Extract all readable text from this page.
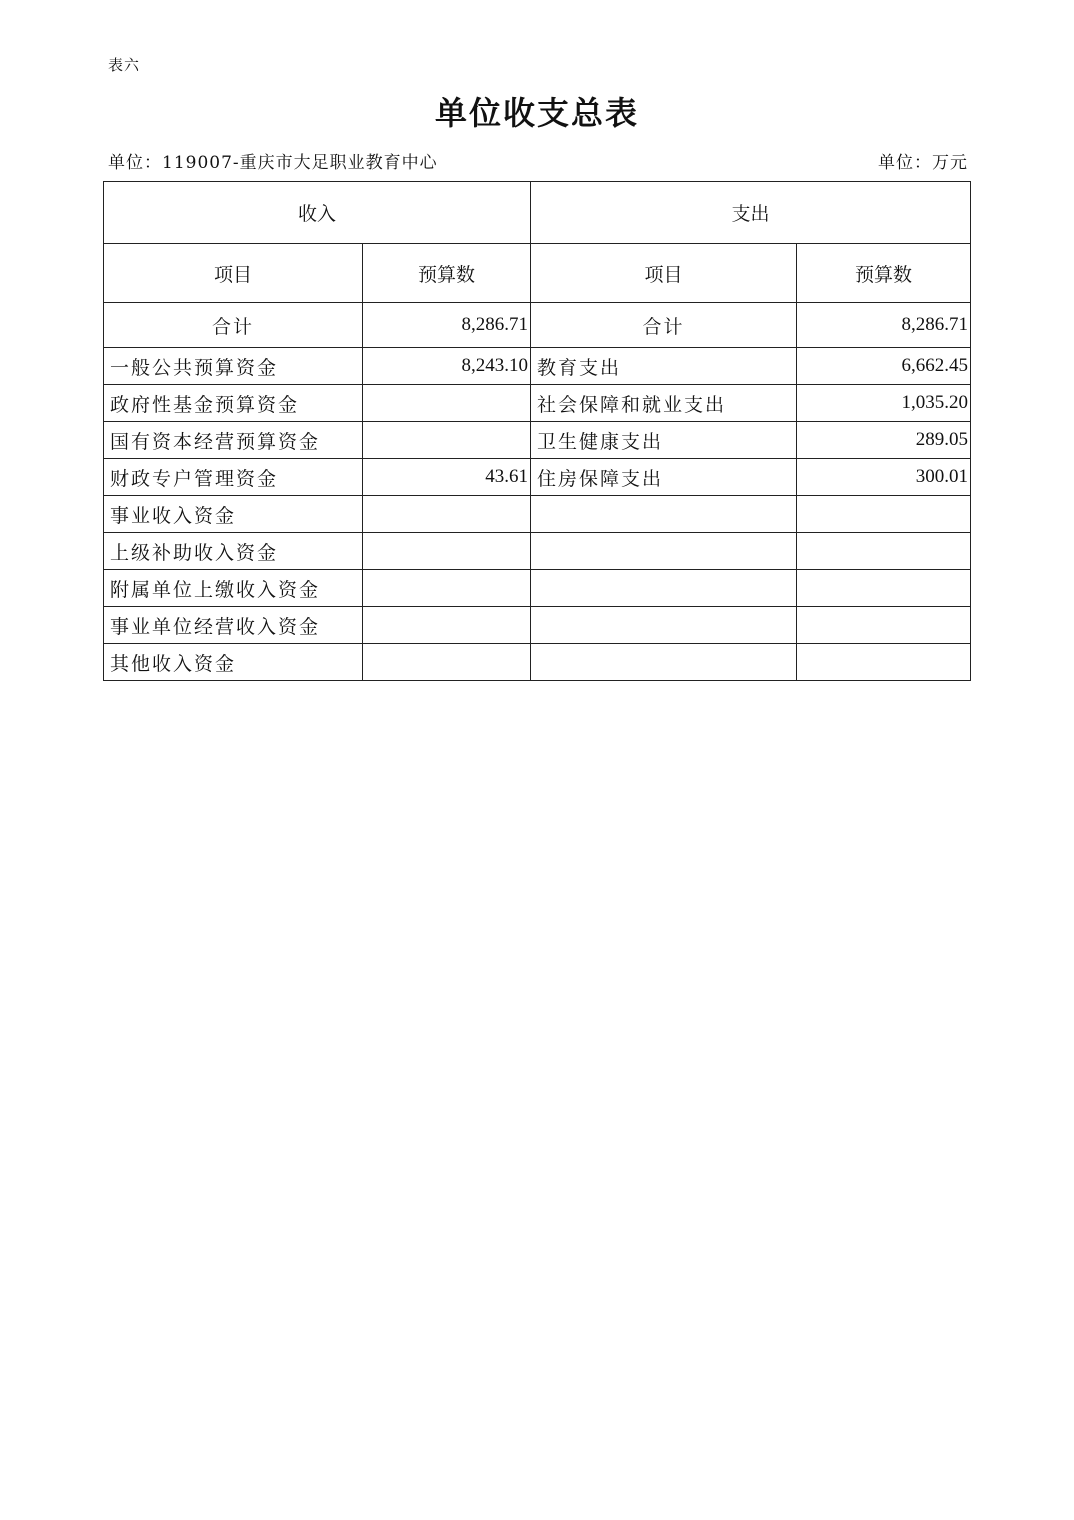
表六
单位收支总表
单位：119007-重庆市大足职业教育中心	单位：万元
收入		支出	
项目	预算数	项目	预算数
合计	8,286.71	合计	8,286.71
一般公共预算资金	8,243.10	教育支出	6,662.45
政府性基金预算资金		社会保障和就业支出	1,035.20
国有资本经营预算资金		卫生健康支出	289.05
财政专户管理资金	43.61	住房保障支出	300.01
事业收入资金			
上级补助收入资金			
附属单位上缴收入资金			
事业单位经营收入资金			
其他收入资金			
